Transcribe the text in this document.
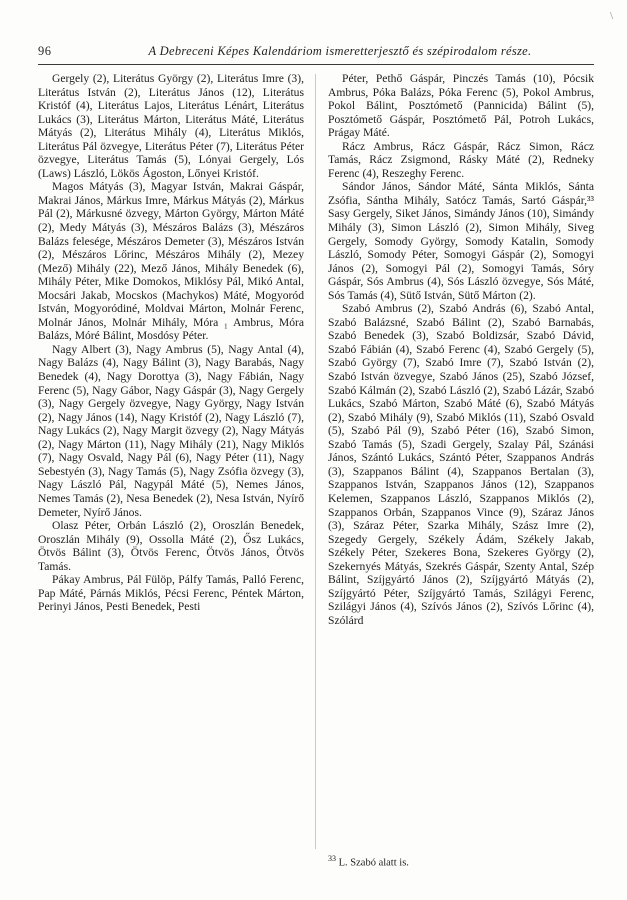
\
96	A Debreceni Képes Kalendáriom ismeretterjesztő és szépirodalom része.

Gergely (2), Literátus György (2), Literátus Imre (3), Literátus István (2), Literátus János (12), Literátus Kristóf (4), Literátus Lajos, Literátus Lénárt, Literátus Lukács (3), Literátus Márton, Literátus Máté, Literátus Mátyás (2), Literátus Mihály (4), Literátus Miklós, Literátus Pál özvegye, Literátus Péter (7), Literátus Péter özvegye, Literátus Tamás (5), Lónyai Gergely, Lós (Laws) László, Lökös Ágoston, Lőnyei Kristóf.

Magos Mátyás (3), Magyar István, Makrai Gáspár, Makrai János, Márkus Imre, Márkus Mátyás (2), Márkus Pál (2), Márkusné özvegy, Márton György, Márton Máté (2), Medy Mátyás (3), Mészáros Balázs (3), Mészáros Balázs felesége, Mészáros Demeter (3), Mészáros István (2), Mészáros Lőrinc, Mészáros Mihály (2), Mezey (Mező) Mihály (22), Mező János, Mihály Benedek (6), Mihály Péter, Mike Domokos, Miklósy Pál, Mikó Antal, Mocsári Jakab, Mocskos (Machykos) Máté, Mogyoród István, Mogyoródiné, Moldvai Márton, Molnár Ferenc, Molnár János, Molnár Mihály, Móra ₁ Ambrus, Móra Balázs, Móré Bálint, Mosdósy Péter.

Nagy Albert (3), Nagy Ambrus (5), Nagy Antal (4), Nagy Balázs (4), Nagy Bálint (3), Nagy Barabás, Nagy Benedek (4), Nagy Dorottya (3), Nagy Fábián, Nagy Ferenc (5), Nagy Gábor, Nagy Gáspár (3), Nagy Gergely (3), Nagy Gergely özvegye, Nagy György, Nagy István (2), Nagy János (14), Nagy Kristóf (2), Nagy László (7), Nagy Lukács (2), Nagy Margit özvegy (2), Nagy Mátyás (2), Nagy Márton (11), Nagy Mihály (21), Nagy Miklós (7), Nagy Osvald, Nagy Pál (6), Nagy Péter (11), Nagy Sebestyén (3), Nagy Tamás (5), Nagy Zsófia özvegy (3), Nagy László Pál, Nagypál Máté (5), Nemes János, Nemes Tamás (2), Nesa Benedek (2), Nesa István, Nyírő Demeter, Nyírő János.

Olasz Péter, Orbán László (2), Oroszlán Benedek, Oroszlán Mihály (9), Ossolla Máté (2), Ősz Lukács, Ötvös Bálint (3), Ötvös Ferenc, Ötvös János, Ötvös Tamás.

Pákay Ambrus, Pál Fülöp, Pálfy Tamás, Palló Ferenc, Pap Máté, Párnás Miklós, Pécsi Ferenc, Péntek Márton, Perinyi János, Pesti Benedek, Pesti

Péter, Pethő Gáspár, Pinczés Tamás (10), Pócsik Ambrus, Póka Balázs, Póka Ferenc (5), Pokol Ambrus, Pokol Bálint, Posztómető (Pannicida) Bálint (5), Posztómető Gáspár, Posztómető Pál, Potroh Lukács, Prágay Máté.

Rácz Ambrus, Rácz Gáspár, Rácz Simon, Rácz Tamás, Rácz Zsigmond, Rásky Máté (2), Redneky Ferenc (4), Reszeghy Ferenc.

Sándor János, Sándor Máté, Sánta Miklós, Sánta Zsófia, Sántha Mihály, Satócz Tamás, Sartó Gáspár,³³ Sasy Gergely, Siket János, Simándy János (10), Simándy Mihály (3), Simon László (2), Simon Mihály, Siveg Gergely, Somody György, Somody Katalin, Somody László, Somody Péter, Somogyi Gáspár (2), Somogyi János (2), Somogyi Pál (2), Somogyi Tamás, Sóry Gáspár, Sós Ambrus (4), Sós László özvegye, Sós Máté, Sós Tamás (4), Sütő István, Sütő Márton (2).

Szabó Ambrus (2), Szabó András (6), Szabó Antal, Szabó Balázsné, Szabó Bálint (2), Szabó Barnabás, Szabó Benedek (3), Szabó Boldizsár, Szabó Dávid, Szabó Fábián (4), Szabó Ferenc (4), Szabó Gergely (5), Szabó György (7), Szabó Imre (7), Szabó István (2), Szabó István özvegye, Szabó János (25), Szabó József, Szabó Kálmán (2), Szabó László (2), Szabó Lázár, Szabó Lukács, Szabó Márton, Szabó Máté (6), Szabó Mátyás (2), Szabó Mihály (9), Szabó Miklós (11), Szabó Osvald (5), Szabó Pál (9), Szabó Péter (16), Szabó Simon, Szabó Tamás (5), Szadi Gergely, Szalay Pál, Szánási János, Szántó Lukács, Szántó Péter, Szappanos András (3), Szappanos Bálint (4), Szappanos Bertalan (3), Szappanos István, Szappanos János (12), Szappanos Kelemen, Szappanos László, Szappanos Miklós (2), Szappanos Orbán, Szappanos Vince (9), Száraz János (3), Száraz Péter, Szarka Mihály, Szász Imre (2), Szegedy Gergely, Székely Ádám, Székely Jakab, Székely Péter, Szekeres Bona, Szekeres György (2), Szekernyés Mátyás, Szekrés Gáspár, Szenty Antal, Szép Bálint, Szíjgyártó János (2), Szíjgyártó Mátyás (2), Szíjgyártó Péter, Szíjgyártó Tamás, Szilágyi Ferenc, Szilágyi János (4), Szívós János (2), Szívós Lőrinc (4), Szólárd

$^{33}$ L. Szabó alatt is.
